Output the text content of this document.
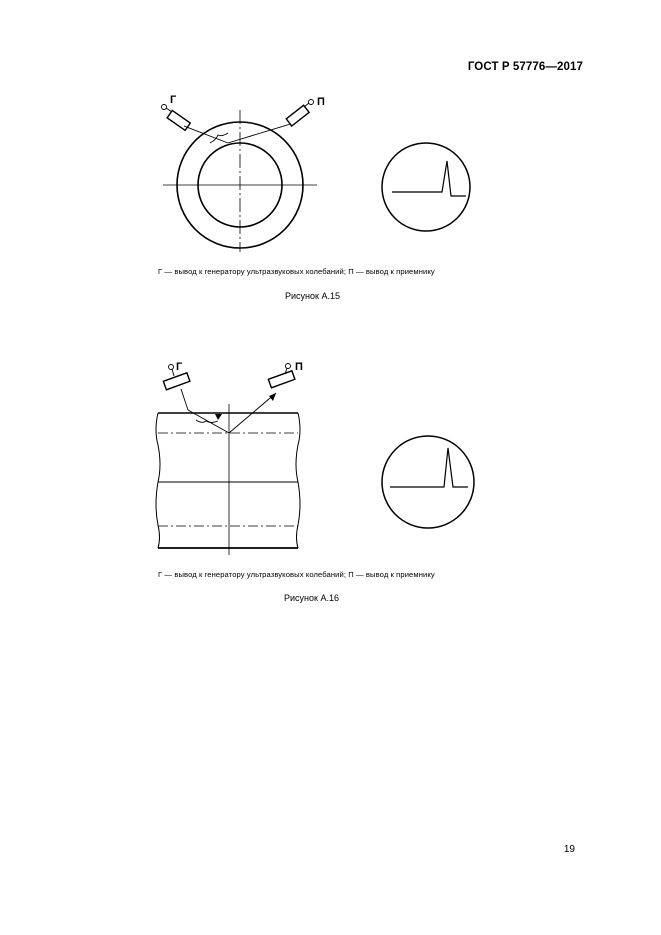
ГОСТ Р 57776—2017
Г	П
Г — вывод к генератору ультразвуковых колебаний; П — вывод к приемнику
Рисунок А.15
Г	П
Г — вывод к генератору ультразвуковых колебаний; П — вывод к приемнику
Рисунок А.16
19
